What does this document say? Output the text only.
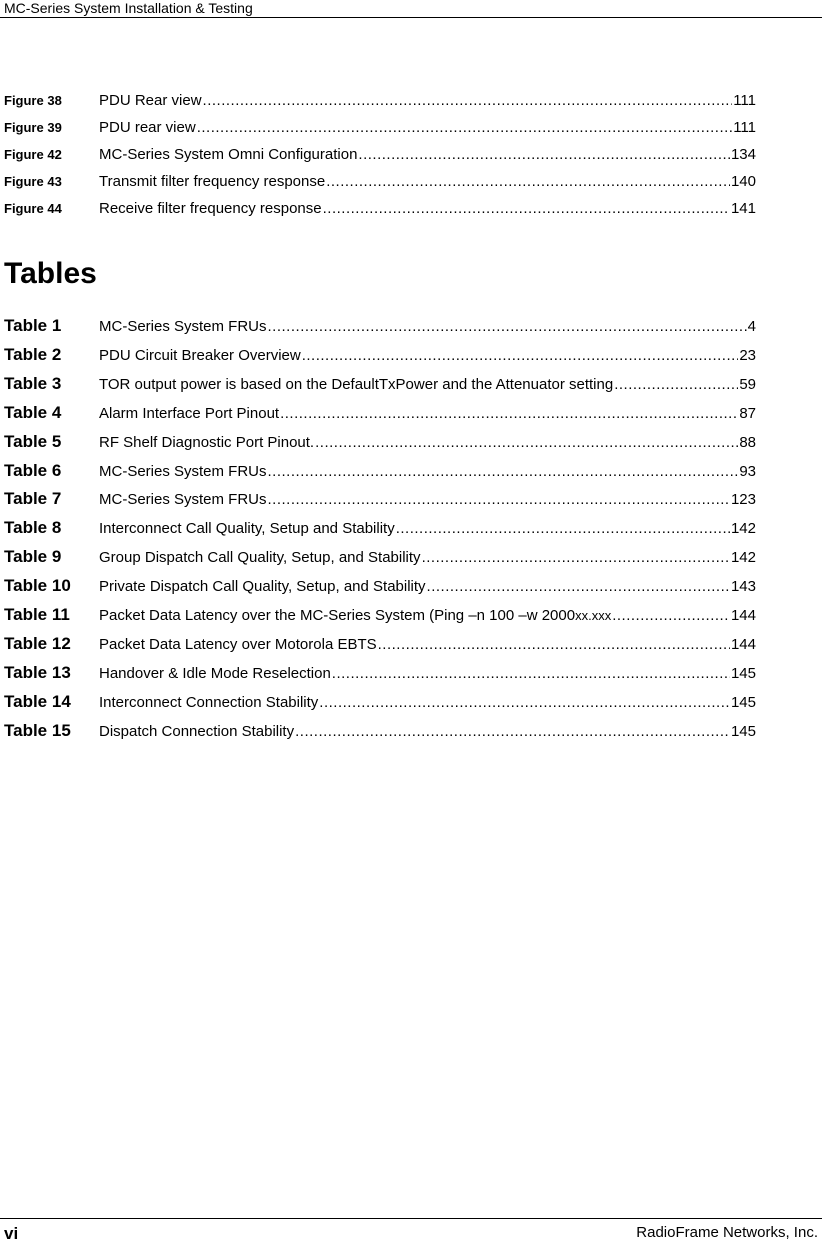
MC-Series System Installation & Testing
Figure 38	PDU Rear view .....	111
Figure 39	PDU rear view .....	111
Figure 42	MC-Series System Omni Configuration .....	134
Figure 43	Transmit filter frequency response .....	140
Figure 44	Receive filter frequency response .....	141
Tables
Table 1	MC-Series System FRUs .....	4
Table 2	PDU Circuit Breaker Overview .....	23
Table 3	TOR output power is based on the DefaultTxPower and the Attenuator setting .....	59
Table 4	Alarm Interface Port Pinout .....	87
Table 5	RF Shelf Diagnostic Port Pinout. .....	88
Table 6	MC-Series System FRUs .....	93
Table 7	MC-Series System FRUs .....	123
Table 8	Interconnect Call Quality, Setup and Stability .....	142
Table 9	Group Dispatch Call Quality, Setup, and Stability .....	142
Table 10	Private Dispatch Call Quality, Setup, and Stability .....	143
Table 11	Packet Data Latency over the MC-Series System (Ping –n 100 –w 2000 xx.xxx .....	144
Table 12	Packet Data Latency over Motorola EBTS .....	144
Table 13	Handover & Idle Mode Reselection .....	145
Table 14	Interconnect Connection Stability .....	145
Table 15	Dispatch Connection Stability .....	145
vi	RadioFrame Networks, Inc.
